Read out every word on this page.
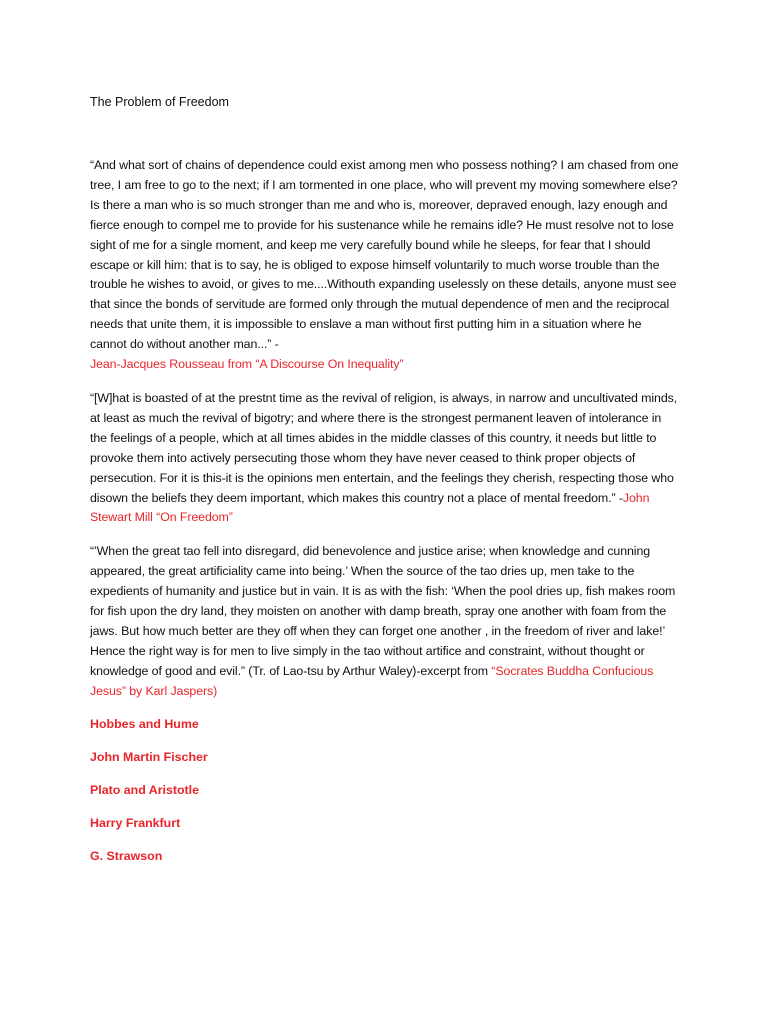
The Problem of Freedom

“And what sort of chains of dependence could exist among men who possess nothing? I am chased from one tree, I am free to go to the next; if I am tormented in one place, who will prevent my moving somewhere else? Is there a man who is so much stronger than me and who is, moreover, depraved enough, lazy enough and fierce enough to compel me to provide for his sustenance while he remains idle? He must resolve not to lose sight of me for a single moment, and keep me very carefully bound while he sleeps, for fear that I should escape or kill him: that is to say, he is obliged to expose himself voluntarily to much worse trouble than the trouble he wishes to avoid, or gives to me....Withouth expanding uselessly on these details, anyone must see that since the bonds of servitude are formed only through the mutual dependence of men and the reciprocal needs that unite them, it is impossible to enslave a man without first putting him in a situation where he cannot do without another man...” -
Jean-Jacques Rousseau from “A Discourse On Inequality”

“[W]hat is boasted of at the prestnt time as the revival of religion, is always, in narrow and uncultivated minds, at least as much the revival of bigotry; and where there is the strongest permanent leaven of intolerance in the feelings of a people, which at all times abides in the middle classes of this country, it needs but little to provoke them into actively persecuting those whom they have never ceased to think proper objects of persecution. For it is this-it is the opinions men entertain, and the feelings they cherish, respecting those who disown the beliefs they deem important, which makes this country not a place of mental freedom.” -John Stewart Mill “On Freedom”

“’When the great tao fell into disregard, did benevolence and justice arise; when knowledge and cunning appeared, the great artificiality came into being.’ When the source of the tao dries up, men take to the expedients of humanity and justice but in vain. It is as with the fish: ‘When the pool dries up, fish makes room for fish upon the dry land, they moisten on another with damp breath, spray one another with foam from the jaws. But how much better are they off when they can forget one another , in the freedom of river and lake!’ Hence the right way is for men to live simply in the tao without artifice and constraint, without thought or knowledge of good and evil.” (Tr. of Lao-tsu by Arthur Waley)-excerpt from “Socrates Buddha Confucious Jesus” by Karl Jaspers)

Hobbes and Hume
John Martin Fischer
Plato and Aristotle
Harry Frankfurt
G. Strawson
